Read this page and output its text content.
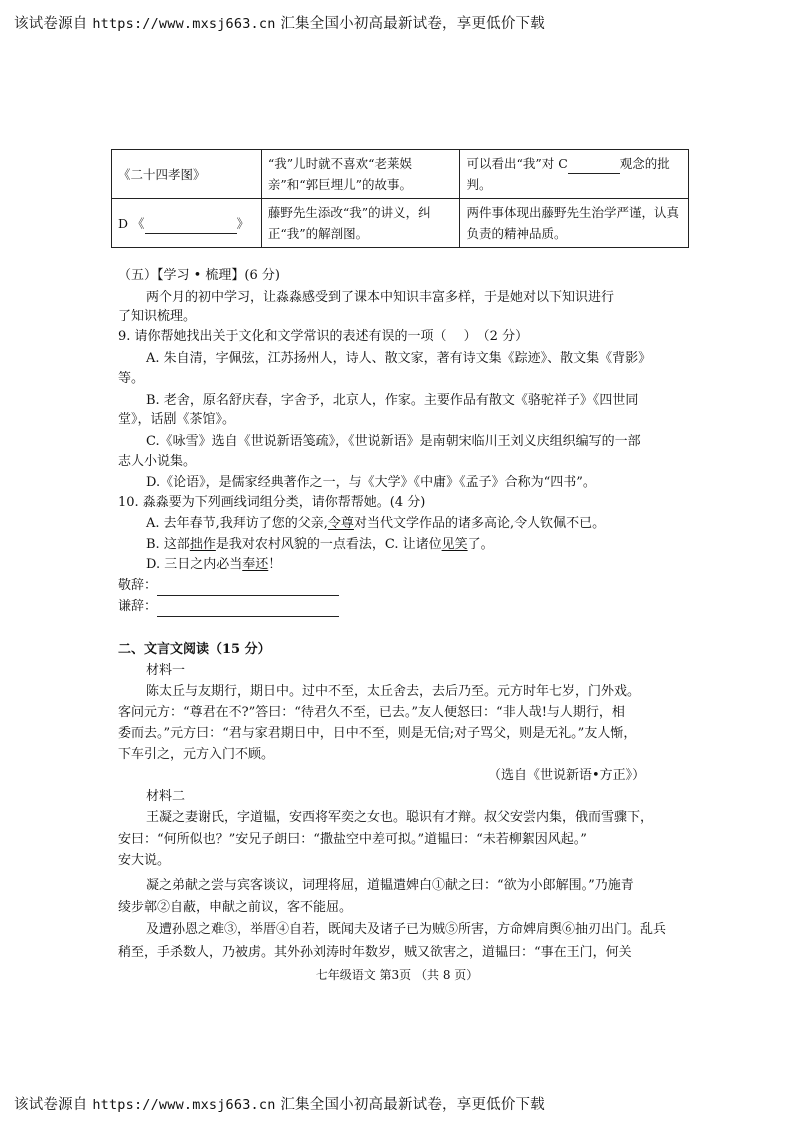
该试卷源自 https://www.mxsj663.cn 汇集全国小初高最新试卷，享更低价下载
《二十四孝图》	“我”儿时就不喜欢“老莱娱亲”和“郭巨埋儿”的故事。	可以看出“我”对 C 观念的批判。
D 《 》	藤野先生添改“我”的讲义，纠正“我”的解剖图。	两件事体现出藤野先生治学严谨，认真负责的精神品质。
（五）【学习 • 梳理】(6 分)
两个月的初中学习，让淼淼感受到了课本中知识丰富多样，于是她对以下知识进行
了知识梳理。
9. 请你帮她找出关于文化和文学常识的表述有误的一项（　 ）　（2 分）
A. 朱自清，字佩弦，江苏扬州人，诗人、散文家，著有诗文集《踪迹》、散文集《背影》
等。
B. 老舍，原名舒庆春，字舍予，北京人，作家。主要作品有散文《骆驼祥子》《四世同
堂》，话剧《茶馆》。
C.《咏雪》选自《世说新语笺疏》，《世说新语》是南朝宋临川王刘义庆组织编写的一部
志人小说集。
D.《论语》，是儒家经典著作之一，与《大学》《中庸》《孟子》合称为“四书”。
10. 淼淼要为下列画线词组分类，请你帮帮她。(4 分)
A. 去年春节,我拜访了您的父亲,令尊对当代文学作品的诸多高论,令人钦佩不已。
B. 这部拙作是我对农村风貌的一点看法，C. 让诸位见笑了。
D. 三日之内必当奉还！
敬辞：
谦辞：
二、文言文阅读（15 分）
材料一
陈太丘与友期行，期日中。过中不至，太丘舍去，去后乃至。元方时年七岁，门外戏。
客问元方：“尊君在不?”答曰：“待君久不至，已去。”友人便怒曰：“非人哉!与人期行，相
委而去。”元方曰：“君与家君期日中，日中不至，则是无信;对子骂父，则是无礼。”友人惭，
下车引之，元方入门不顾。
（选自《世说新语•方正》）
材料二
王凝之妻谢氏，字道韫，安西将军奕之女也。聪识有才辩。叔父安尝内集，俄而雪骤下，
安曰：“何所似也？”安兄子朗曰：“撒盐空中差可拟。”道韫曰：“未若柳絮因风起。”
安大说。
凝之弟献之尝与宾客谈议，词理将屈，道韫遣婢白①献之曰：“欲为小郎解围。”乃施青
绫步鄣②自蔽，申献之前议，客不能屈。
及遭孙恩之难③，举厝④自若，既闻夫及诸子已为贼⑤所害，方命婢肩舆⑥抽刃出门。乱兵
稍至，手杀数人，乃被虏。其外孙刘涛时年数岁，贼又欲害之，道韫曰：“事在王门，何关
七年级语文 第3页 （共 8 页）
该试卷源自 https://www.mxsj663.cn 汇集全国小初高最新试卷，享更低价下载
